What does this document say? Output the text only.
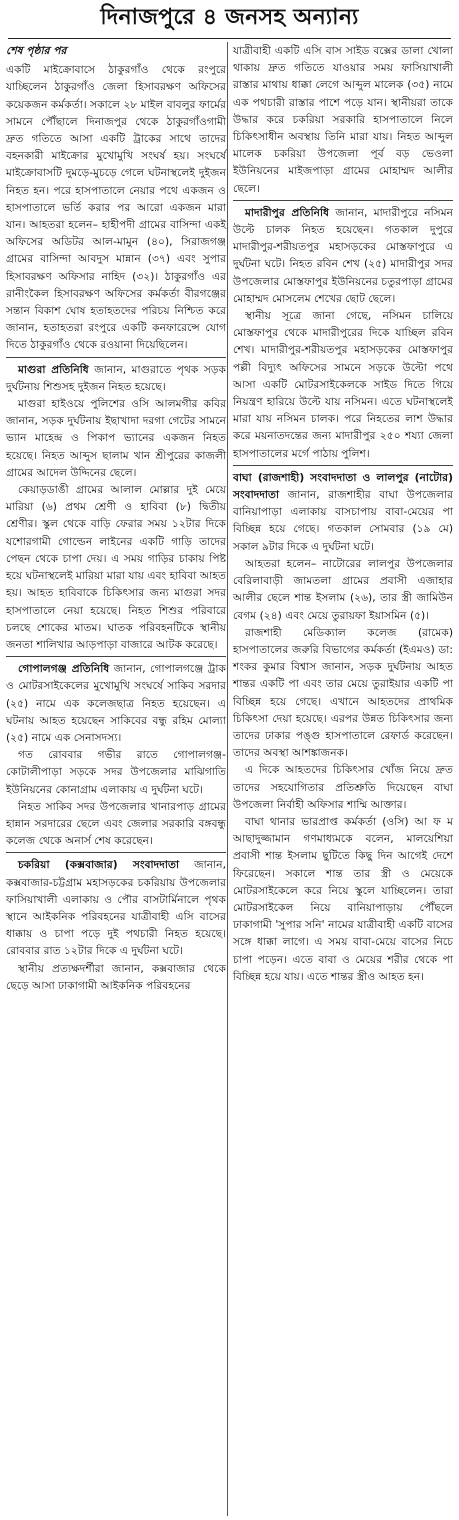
দিনাজপুরে ৪ জনসহ অন্যান্য

শেষ পৃষ্ঠার পর

একটি মাইক্রোবাসে ঠাকুরগাঁও থেকে রংপুরে যাচ্ছিলেন ঠাকুরগাঁও জেলা হিসাবরক্ষণ অফিসের কয়েকজন কর্মকর্তা। সকালে ২৮ মাইল বাবলুর ফার্মের সামনে পৌঁছালে দিনাজপুর থেকে ঠাকুরগাঁওগামী দ্রুত গতিতে আসা একটি ট্রাকের সাথে তাদের বহনকারী মাইক্রোর মুখোমুখি সংঘর্ষ হয়। সংঘর্ষে মাইক্রোবাসটি দুমড়ে-মুচড়ে গেলে ঘটনাস্থলেই দুইজন নিহত হন। পরে হাসপাতালে নেয়ার পথে একজন ও হাসপাতালে ভর্তি করার পর আরো একজন মারা যান। আহতরা হলেন– হাহীপদী গ্রামের বাসিন্দা একই অফিসের অডিটর আল-মামুন (৪০), সিরাজগঞ্জ গ্রামের বাসিন্দা আবদুস মান্নান (৩৭) এবং সুপার হিসাবরক্ষণ অফিসার নাহিদ (৩২)। ঠাকুরগাঁও এর রানীংকৈল হিসাবরক্ষণ অফিসের কর্মকর্তা বীরগঞ্জের সন্তান বিকাশ ঘোষ হতাহতদের পরিচয় নিশ্চিত করে জানান, হতাহতরা রংপুরে একটি কনফারেন্সে যোগ দিতে ঠাকুরগাঁও থেকে রওয়ানা দিয়েছিলেন।

মাগুরা প্রতিনিধি জানান, মাগুরাতে পৃথক সড়ক দুর্ঘটনায় শিশুসহ দুইজন নিহত হয়েছে।

মাগুরা হাইওয়ে পুলিশের ওসি আলমগীর কবির জানান, সড়ক দুর্ঘটনায় ইছাখাদা দরগা গেটের সামনে ভ্যান মাহেন্দ্র ও পিকাপ ভ্যানের একজন নিহত হয়েছে। নিহত আব্দুস ছালাম খান শ্রীপুরের কাজলী গ্রামের আদেল উদ্দিনের ছেলে।

কেয়াড়ডাঙী গ্রামের আলাল মোল্লার দুই মেয়ে মারিয়া (৬) প্রথম শ্রেণী ও হাবিবা (৮) দ্বিতীয় শ্রেণীর। স্কুল থেকে বাড়ি ফেরার সময় ১২টার দিকে যশোরগামী গোল্ডেন লাইনের একটি গাড়ি তাদের পেছন থেকে চাপা দেয়। এ সময় গাড়ির চাকায় পিষ্ট হয়ে ঘটনাস্থলেই মারিয়া মারা যায় এবং হাবিবা আহত হয়। আহত হাবিবাকে চিকিৎসার জন্য মাগুরা সদর হাসপাতালে নেয়া হয়েছে। নিহত শিশুর পরিবারে চলছে শোকের মাতম। ঘাতক পরিবহনটিকে স্থানীয় জনতা শালিখার আড়পাড়া বাজারে আটক করেছে।

গোপালগঞ্জ প্রতিনিধি জানান, গোপালগঞ্জে ট্রাক ও মোটরসাইকেলের মুখোমুখি সংঘর্ষে সাকিব সরদার (২৫) নামে এক কলেজছাত্র নিহত হয়েছেন। এ ঘটনায় আহত হয়েছেন সাকিবের বন্ধু রহিম মোল্যা (২৫) নামে এক সেনাসদস্য।

গত রোববার গভীর রাতে গোপালগঞ্জ-কোটালীপাড়া সড়কে সদর উপজেলার মাঝিগাতি ইউনিয়নের কোনাগ্রাম এলাকায় এ দুর্ঘটনা ঘটে।

নিহত সাকিব সদর উপজেলার খানারপাড় গ্রামের হান্নান সরদারের ছেলে এবং জেলার সরকারি বঙ্গবন্ধু কলেজ থেকে অনার্স শেষ করেছেন।

চকরিয়া (কক্সবাজার) সংবাদদাতা জানান, কক্সবাজার-চট্টগ্রাম মহাসড়কের চকরিয়ায় উপজেলার ফাসিয়াখালী এলাকায় ও পৌর বাসটার্মিনালে পৃথক স্থানে আইকনিক পরিবহনের যাত্রীবাহী এসি বাসের ধাক্কায় ও চাপা পড়ে দুই পথচারী নিহত হয়েছে। রোববার রাত ১২টার দিকে এ দুর্ঘটনা ঘটে।

স্থানীয় প্রত্যক্ষদর্শীরা জানান, কক্সবাজার থেকে ছেড়ে আসা ঢাকাগামী আইকনিক পরিবহনের

যাত্রীবাহী একটি এসি বাস সাইড বক্সের ডালা খোলা থাকায় দ্রুত গতিতে যাওয়ার সময় ফাসিয়াখালী রাস্তার মাথায় ধাক্কা লেগে আব্দুল মালেক (৩৫) নামে এক পথচারী রাস্তার পাশে পড়ে যান। স্থানীয়রা তাকে উদ্ধার করে চকরিয়া সরকারি হাসপাতালে নিলে চিকিৎসাধীন অবস্থায় তিনি মারা যায়। নিহত আব্দুল মালেক চকরিয়া উপজেলা পূর্ব বড় ভেওলা ইউনিয়নের মাইজপাড়া গ্রামের মোহাম্মদ আলীর ছেলে।

মাদারীপুর প্রতিনিধি জানান, মাদারীপুরে নসিমন উল্টে চালক নিহত হয়েছেন। গতকাল দুপুরে মাদারীপুর-শরীয়তপুর মহাসড়কের মোস্তফাপুরে এ দুর্ঘটনা ঘটে। নিহত রবিন শেখ (২৫) মাদারীপুর সদর উপজেলার মোস্তফাপুর ইউনিয়নের চতুরপাড়া গ্রামের মোহাম্মদ মোসলেম শেখের ছোট ছেলে।

স্থানীয় সূত্রে জানা গেছে, নসিমন চালিয়ে মোস্তফাপুর থেকে মাদারীপুরের দিকে যাচ্ছিল রবিন শেখ। মাদারীপুর-শরীয়তপুর মহাসড়কের মোস্তফাপুর পল্লী বিদ্যুৎ অফিসের সামনে সড়কে উল্টো পথে আসা একটি মোটরসাইকেলকে সাইড দিতে গিয়ে নিয়ন্ত্রণ হারিয়ে উল্টে যায় নসিমন। এতে ঘটনাস্থলেই মারা যায় নসিমন চালক। পরে নিহতের লাশ উদ্ধার করে ময়নাতদন্তের জন্য মাদারীপুর ২৫০ শয্যা জেলা হাসপাতালের মর্গে পাঠায় পুলিশ।

বাঘা (রাজশাহী) সংবাদদাতা ও লালপুর (নাটোর) সংবাদদাতা জানান, রাজশাহীর বাঘা উপজেলার বানিয়াপাড়া এলাকায় বাসচাপায় বাবা-মেয়ের পা বিচ্ছিন্ন হয়ে গেছে। গতকাল সোমবার (১৯ মে) সকাল ৯টার দিকে এ দুর্ঘটনা ঘটে।

আহতরা হলেন– নাটোরের লালপুর উপজেলার বেরিলাবাড়ী জামতলা গ্রামের প্রবাসী এজাহার আলীর ছেলে শান্ত ইসলাম (২৬), তার স্ত্রী জামিউন বেগম (২৪) এবং মেয়ে তুরায়ফা ইয়াসমিন (৫)।

রাজশাহী মেডিক্যাল কলেজ (রামেক) হাসপাতালের জরুরি বিভাগের কর্মকর্তা (ইএমও) ডা: শংকর কুমার বিশ্বাস জানান, সড়ক দুর্ঘটনায় আহত শান্তর একটি পা এবং তার মেয়ে তুরাইয়ার একটি পা বিচ্ছিন্ন হয়ে গেছে। এখানে আহতদের প্রাথমিক চিকিৎসা দেয়া হয়েছে। এরপর উন্নত চিকিৎসার জন্য তাদের ঢাকার পঙ্গু হাসপাতালে রেফার্ড করেছেন। তাদের অবস্থা আশঙ্কাজনক।

এ দিকে আহতদের চিকিৎসার খোঁজ নিয়ে দ্রুত তাদের সহযোগিতার প্রতিশ্রুতি দিয়েছেন বাঘা উপজেলা নির্বাহী অফিসার শাম্মি আক্তার।

বাঘা থানার ভারপ্রাপ্ত কর্মকর্তা (ওসি) আ ফ ম আছাদুজ্জামান গণমাধ্যমকে বলেন, মালয়েশিয়া প্রবাসী শান্ত ইসলাম ছুটিতে কিছু দিন আগেই দেশে ফিরেছেন। সকালে শান্ত তার স্ত্রী ও মেয়েকে মোটরসাইকেলে করে নিয়ে স্কুলে যাচ্ছিলেন। তারা মোটরসাইকেল নিয়ে বানিয়াপাড়ায় পৌঁছলে ঢাকাগামী 'সুপার সনি' নামের যাত্রীবাহী একটি বাসের সঙ্গে ধাক্কা লাগে। এ সময় বাবা-মেয়ে বাসের নিচে চাপা পড়েন। এতে বাবা ও মেয়ের শরীর থেকে পা বিচ্ছিন্ন হয়ে যায়। এতে শান্তর স্ত্রীও আহত হন।
